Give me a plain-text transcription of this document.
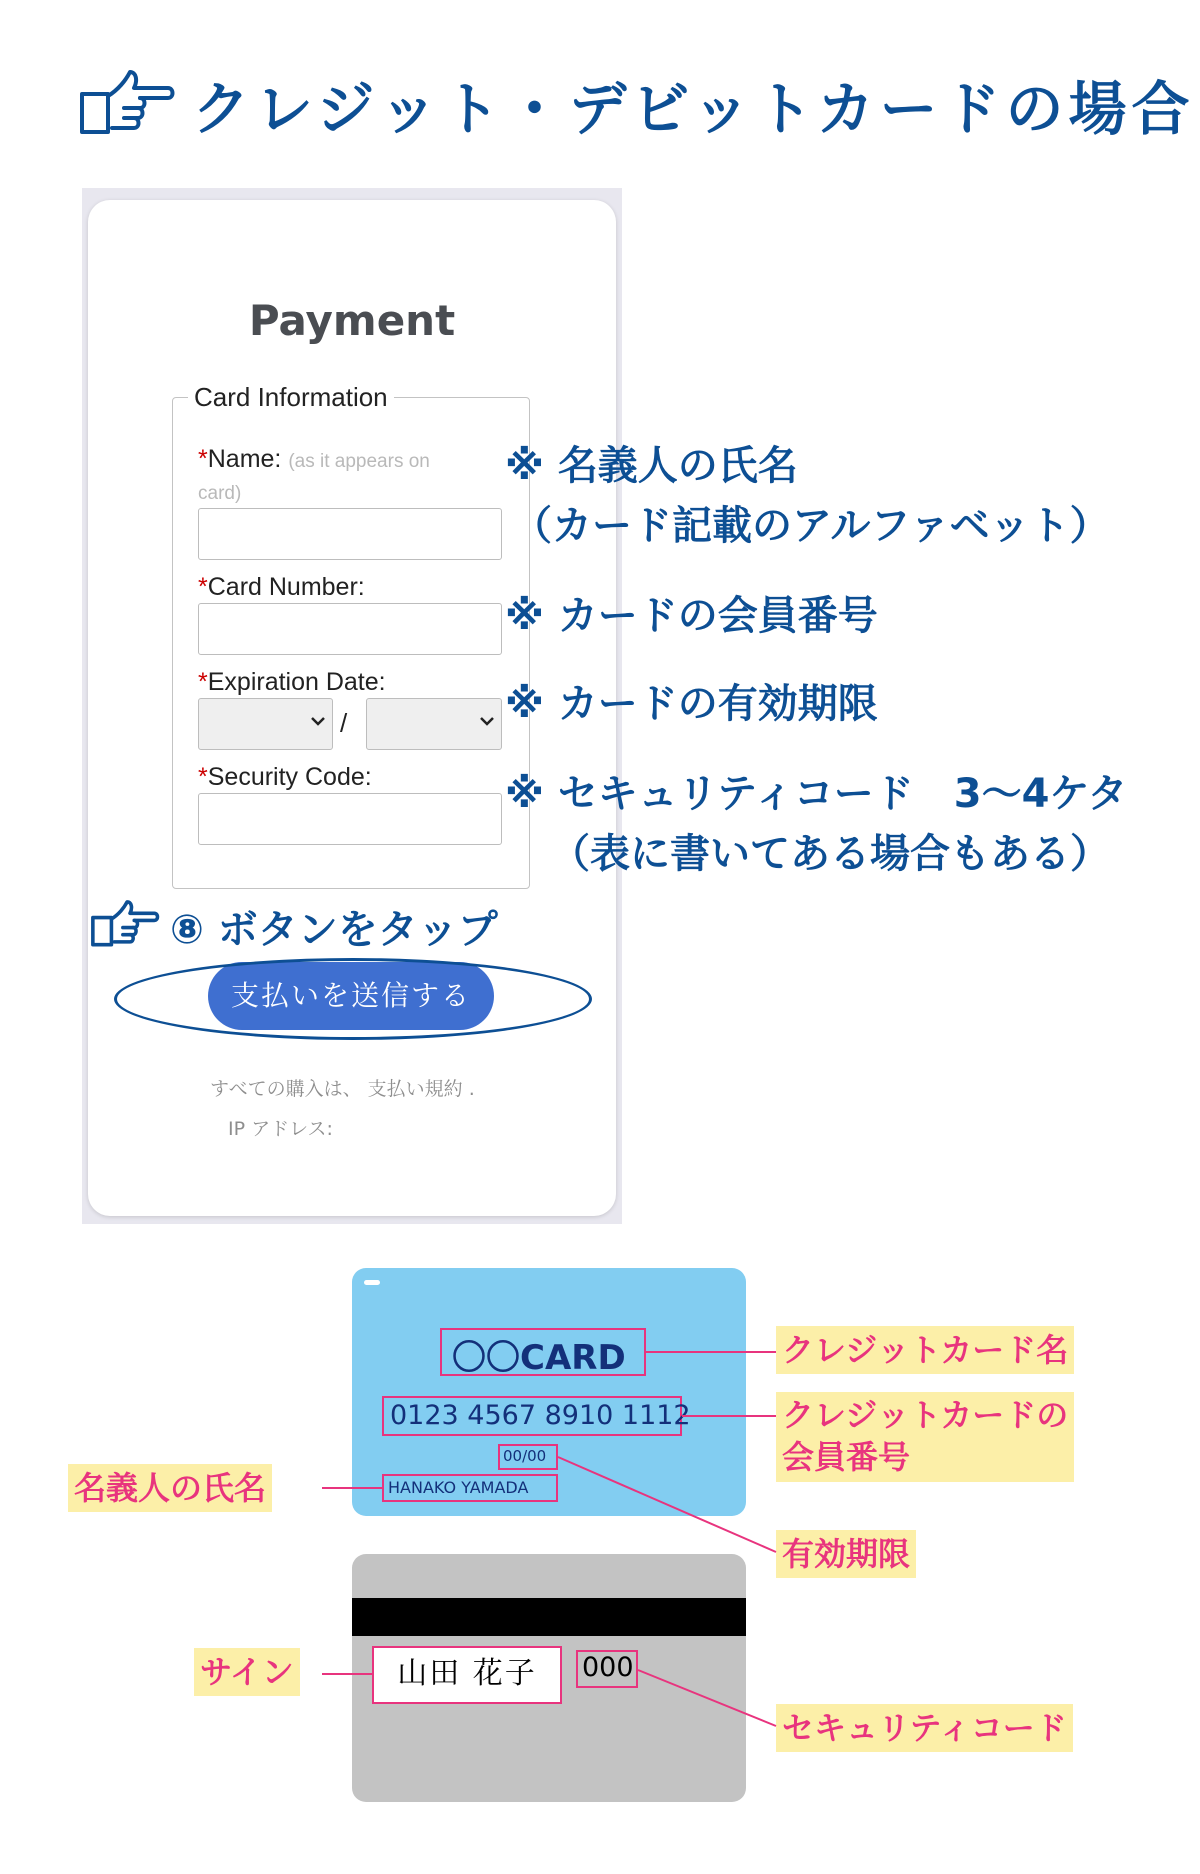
クレジット・デビットカードの場合
Payment
Card Information
*Name: (as it appears on
card)
*Card Number:
*Expiration Date:
/
*Security Code:
⑧ ボタンをタップ
支払いを送信する
すべての購入は、 支払い規約 .
IP アドレス:
※ 名義人の氏名
（カード記載のアルファベット）
※ カードの会員番号
※ カードの有効期限
※ セキュリティコード　3〜4ケタ
（表に書いてある場合もある）
〇〇CARD
0123 4567 8910 1112
00/00
HANAKO YAMADA
山田 花子	000
クレジットカード名
クレジットカードの
会員番号
名義人の氏名
有効期限
サイン
セキュリティコード
